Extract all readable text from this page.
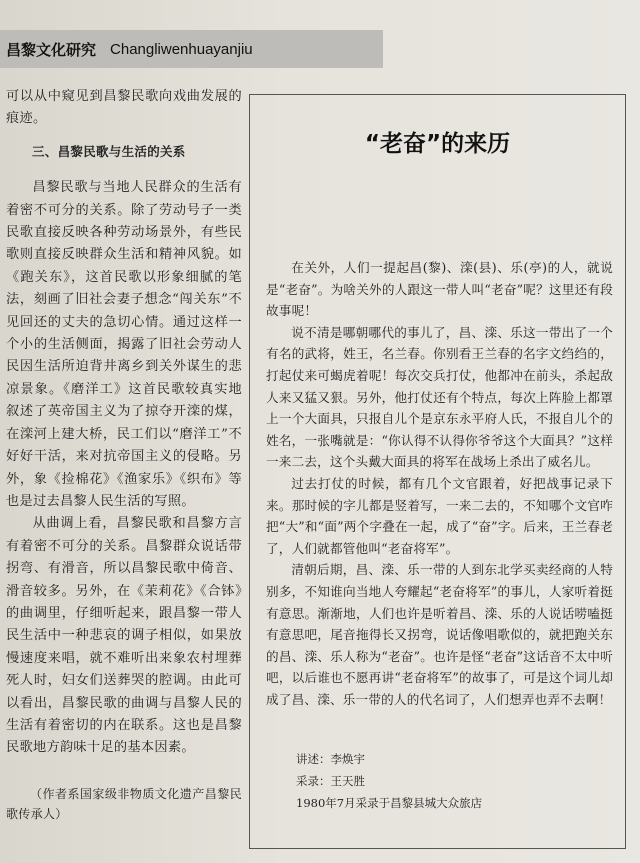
昌黎文化研究 Changliwenhuayanjiu

可以从中窥见到昌黎民歌向戏曲发展的痕迹。

三、昌黎民歌与生活的关系

昌黎民歌与当地人民群众的生活有着密不可分的关系。除了劳动号子一类民歌直接反映各种劳动场景外，有些民歌则直接反映群众生活和精神风貌。如《跑关东》，这首民歌以形象细腻的笔法，刻画了旧社会妻子想念“闯关东”不见回还的丈夫的急切心情。通过这样一个小的生活侧面，揭露了旧社会劳动人民因生活所迫背井离乡到关外谋生的悲凉景象。《磨洋工》这首民歌较真实地叙述了英帝国主义为了掠夺开滦的煤，在滦河上建大桥，民工们以“磨洋工”不好好干活，来对抗帝国主义的侵略。另外，象《捡棉花》《渔家乐》《织布》等也是过去昌黎人民生活的写照。

从曲调上看，昌黎民歌和昌黎方言有着密不可分的关系。昌黎群众说话带拐弯、有滑音，所以昌黎民歌中倚音、滑音较多。另外，在《茉莉花》《合钵》的曲调里，仔细听起来，跟昌黎一带人民生活中一种悲哀的调子相似，如果放慢速度来唱，就不难听出来象农村埋葬死人时，妇女们送葬哭的腔调。由此可以看出，昌黎民歌的曲调与昌黎人民的生活有着密切的内在联系。这也是昌黎民歌地方韵味十足的基本因素。

（作者系国家级非物质文化遗产昌黎民歌传承人）

“老奋”的来历

在关外，人们一提起昌(黎)、滦(县)、乐(亭)的人，就说是“老奋”。为啥关外的人跟这一带人叫“老奋”呢？这里还有段故事呢！

说不清是哪朝哪代的事儿了，昌、滦、乐这一带出了一个有名的武将，姓王，名兰春。你别看王兰春的名字文绉绉的，打起仗来可蝎虎着呢！每次交兵打仗，他都冲在前头，杀起敌人来又猛又狠。另外，他打仗还有个特点，每次上阵脸上都罩上一个大面具，只报自儿个是京东永平府人氏，不报自儿个的姓名，一张嘴就是：“你认得不认得你爷爷这个大面具？”这样一来二去，这个头戴大面具的将军在战场上杀出了威名儿。

过去打仗的时候，都有几个文官跟着，好把战事记录下来。那时候的字儿都是竖着写，一来二去的，不知哪个文官咋把“大”和“面”两个字叠在一起，成了“奋”字。后来，王兰春老了，人们就都管他叫“老奋将军”。

清朝后期，昌、滦、乐一带的人到东北学买卖经商的人特别多，不知谁向当地人夸耀起“老奋将军”的事儿，人家听着挺有意思。渐渐地，人们也许是听着昌、滦、乐的人说话唠嗑挺有意思吧，尾音拖得长又拐弯，说话像唱歌似的，就把跑关东的昌、滦、乐人称为“老奋”。也许是怪“老奋”这话音不太中听吧，以后谁也不愿再讲“老奋将军”的故事了，可是这个词儿却成了昌、滦、乐一带的人的代名词了，人们想弄也弄不去啊！

讲述：李焕宇
采录：王天胜
1980年7月采录于昌黎县城大众旅店
